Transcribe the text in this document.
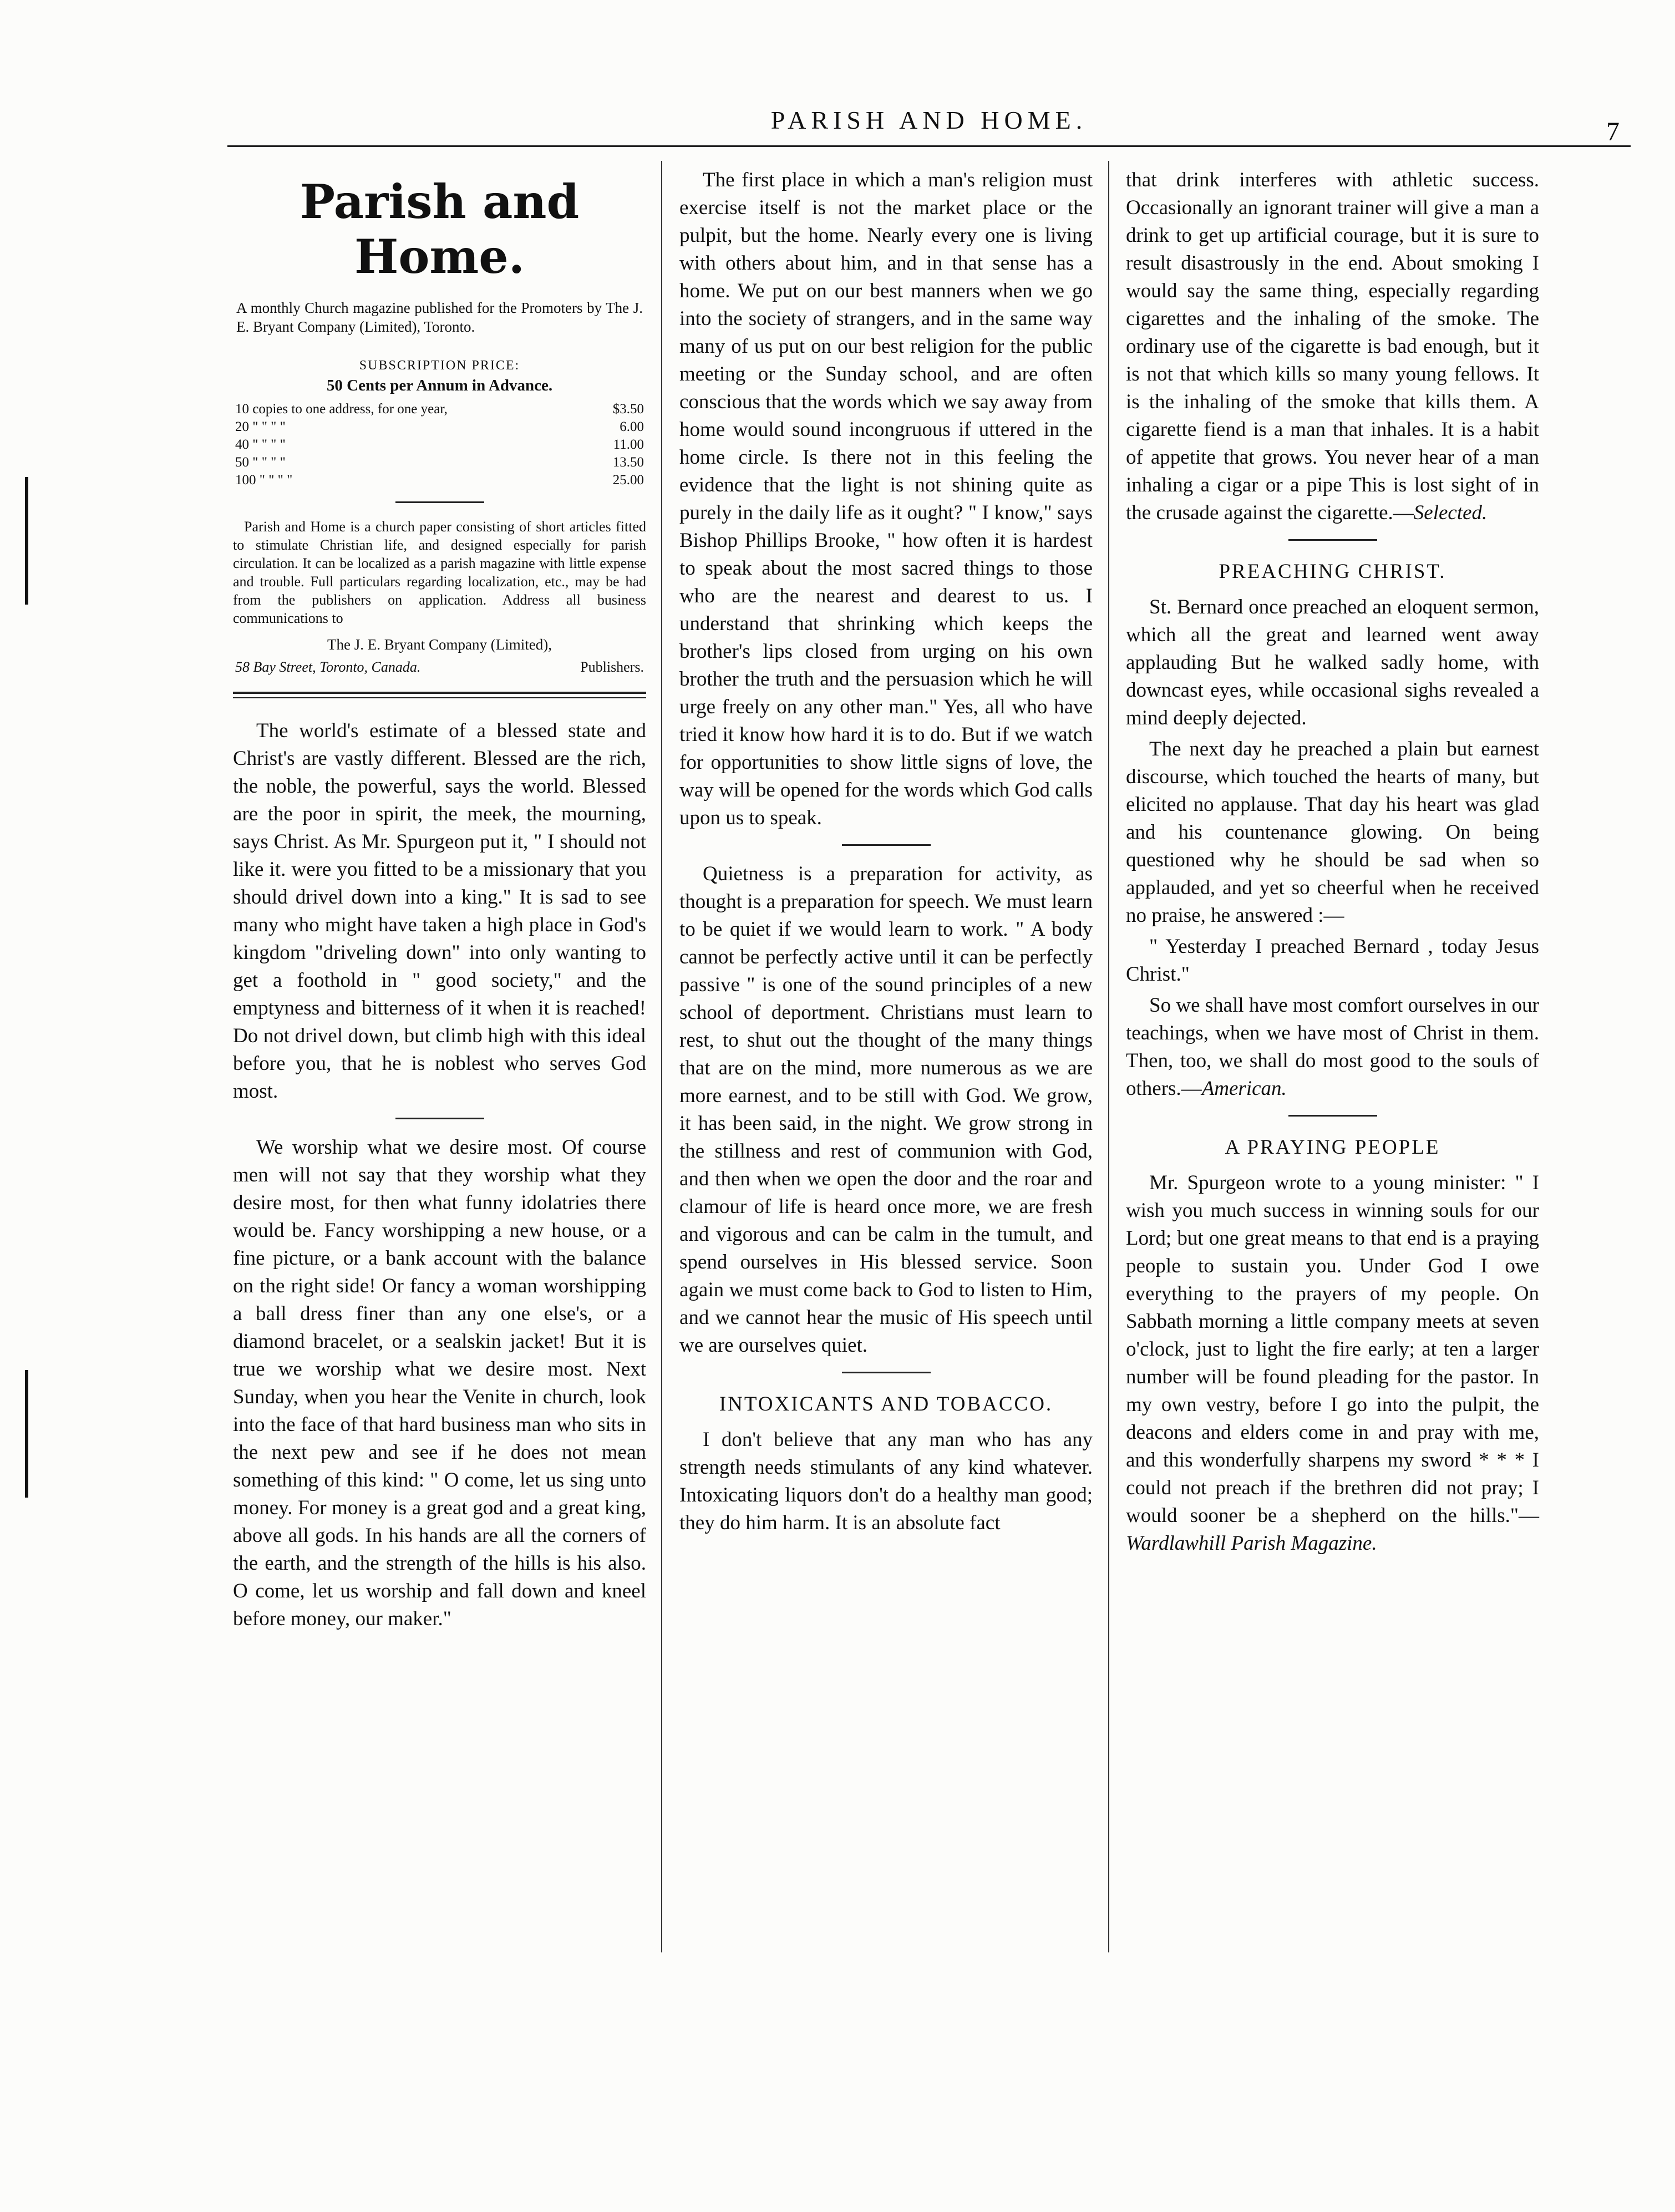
PARISH AND HOME.	7
Parish and Home.

A monthly Church magazine published for the Promoters by The J. E. Bryant Company (Limited), Toronto.

SUBSCRIPTION PRICE:
50 Cents per Annum in Advance.
10 copies to one address, for one year,	$3.50
20 " " " "	6.00
40 " " " "	11.00
50 " " " "	13.50
100 " " " "	25.00

Parish and Home is a church paper consisting of short articles fitted to stimulate Christian life, and designed especially for parish circulation. It can be localized as a parish magazine with little expense and trouble. Full particulars regarding localization, etc., may be had from the publishers on application. Address all business communications to

The J. E. Bryant Company (Limited),
58 Bay Street, Toronto, Canada.	Publishers.

The world's estimate of a blessed state and Christ's are vastly different. Blessed are the rich, the noble, the powerful, says the world. Blessed are the poor in spirit, the meek, the mourning, says Christ. As Mr. Spurgeon put it, " I should not like it. were you fitted to be a missionary that you should drivel down into a king." It is sad to see many who might have taken a high place in God's kingdom "driveling down" into only wanting to get a foothold in " good society," and the emptyness and bitterness of it when it is reached! Do not drivel down, but climb high with this ideal before you, that he is noblest who serves God most.

We worship what we desire most. Of course men will not say that they worship what they desire most, for then what funny idolatries there would be. Fancy worshipping a new house, or a fine picture, or a bank account with the balance on the right side! Or fancy a woman worshipping a ball dress finer than any one else's, or a diamond bracelet, or a sealskin jacket! But it is true we worship what we desire most. Next Sunday, when you hear the Venite in church, look into the face of that hard business man who sits in the next pew and see if he does not mean something of this kind: " O come, let us sing unto money. For money is a great god and a great king, above all gods. In his hands are all the corners of the earth, and the strength of the hills is his also. O come, let us worship and fall down and kneel before money, our maker."

The first place in which a man's religion must exercise itself is not the market place or the pulpit, but the home. Nearly every one is living with others about him, and in that sense has a home. We put on our best manners when we go into the society of strangers, and in the same way many of us put on our best religion for the public meeting or the Sunday school, and are often conscious that the words which we say away from home would sound incongruous if uttered in the home circle. Is there not in this feeling the evidence that the light is not shining quite as purely in the daily life as it ought? " I know," says Bishop Phillips Brooke, " how often it is hardest to speak about the most sacred things to those who are the nearest and dearest to us. I understand that shrinking which keeps the brother's lips closed from urging on his own brother the truth and the persuasion which he will urge freely on any other man." Yes, all who have tried it know how hard it is to do. But if we watch for opportunities to show little signs of love, the way will be opened for the words which God calls upon us to speak.

Quietness is a preparation for activity, as thought is a preparation for speech. We must learn to be quiet if we would learn to work. " A body cannot be perfectly active until it can be perfectly passive " is one of the sound principles of a new school of deportment. Christians must learn to rest, to shut out the thought of the many things that are on the mind, more numerous as we are more earnest, and to be still with God. We grow, it has been said, in the night. We grow strong in the stillness and rest of communion with God, and then when we open the door and the roar and clamour of life is heard once more, we are fresh and vigorous and can be calm in the tumult, and spend ourselves in His blessed service. Soon again we must come back to God to listen to Him, and we cannot hear the music of His speech until we are ourselves quiet.

INTOXICANTS AND TOBACCO.

I don't believe that any man who has any strength needs stimulants of any kind whatever. Intoxicating liquors don't do a healthy man good; they do him harm. It is an absolute fact

that drink interferes with athletic success. Occasionally an ignorant trainer will give a man a drink to get up artificial courage, but it is sure to result disastrously in the end. About smoking I would say the same thing, especially regarding cigarettes and the inhaling of the smoke. The ordinary use of the cigarette is bad enough, but it is not that which kills so many young fellows. It is the inhaling of the smoke that kills them. A cigarette fiend is a man that inhales. It is a habit of appetite that grows. You never hear of a man inhaling a cigar or a pipe This is lost sight of in the crusade against the cigarette.—Selected.

PREACHING CHRIST.

St. Bernard once preached an eloquent sermon, which all the great and learned went away applauding But he walked sadly home, with downcast eyes, while occasional sighs revealed a mind deeply dejected.

The next day he preached a plain but earnest discourse, which touched the hearts of many, but elicited no applause. That day his heart was glad and his countenance glowing. On being questioned why he should be sad when so applauded, and yet so cheerful when he received no praise, he answered :—

" Yesterday I preached Bernard , today Jesus Christ."

So we shall have most comfort ourselves in our teachings, when we have most of Christ in them. Then, too, we shall do most good to the souls of others.—American.

A PRAYING PEOPLE

Mr. Spurgeon wrote to a young minister: " I wish you much success in winning souls for our Lord; but one great means to that end is a praying people to sustain you. Under God I owe everything to the prayers of my people. On Sabbath morning a little company meets at seven o'clock, just to light the fire early; at ten a larger number will be found pleading for the pastor. In my own vestry, before I go into the pulpit, the deacons and elders come in and pray with me, and this wonderfully sharpens my sword * * * I could not preach if the brethren did not pray; I would sooner be a shepherd on the hills."—Wardlawhill Parish Magazine.
